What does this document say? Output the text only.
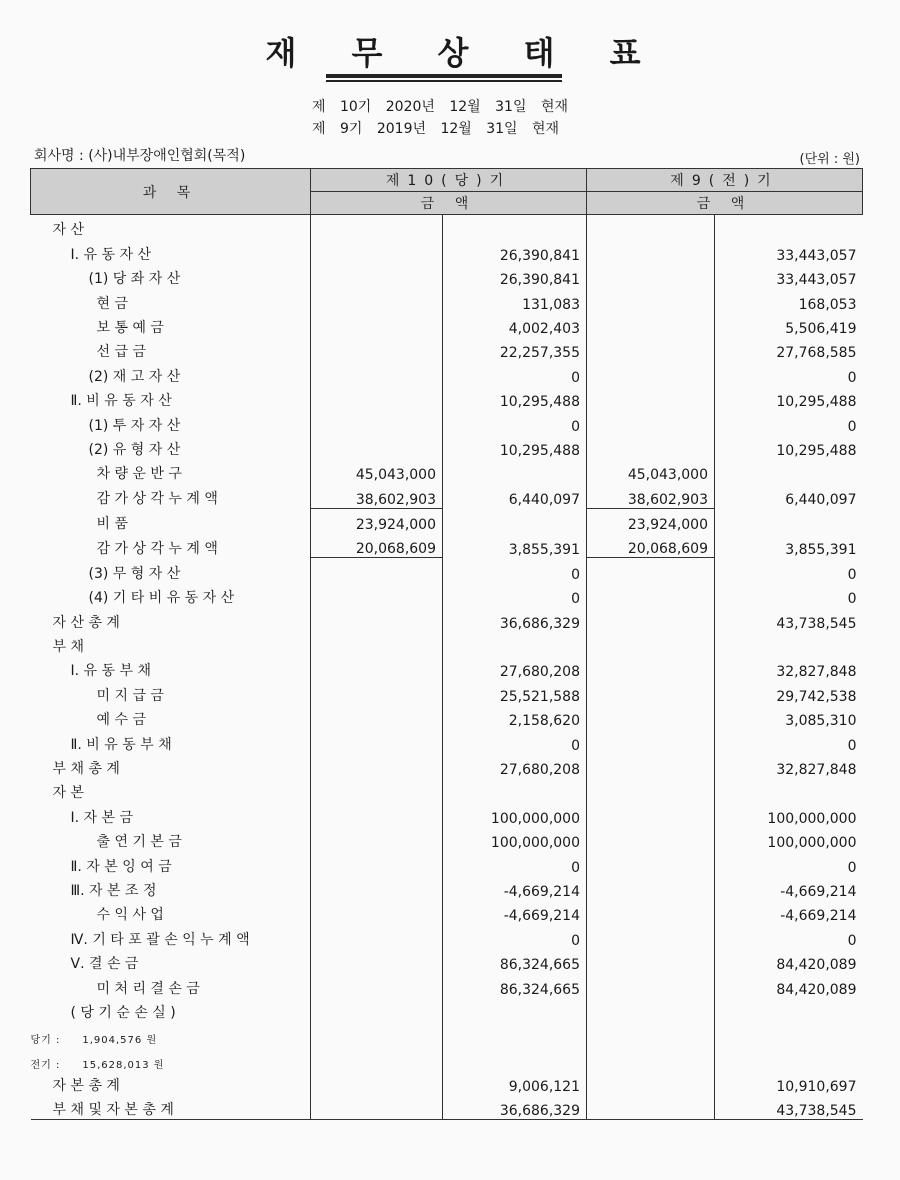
재 무 상 태 표
제 10기 2020년 12월 31일 현재
제 9기 2019년 12월 31일 현재
회사명 : (사)내부장애인협회(목적)	(단위 : 원)
과 목	제10(당)기		제9(전)기	
	금 액		금 액	

자 산				

Ⅰ. 유 동 자 산		26,390,841		33,443,057

(1) 당 좌 자 산		26,390,841		33,443,057

현 금		131,083		168,053

보 통 예 금		4,002,403		5,506,419

선 급 금		22,257,355		27,768,585

(2) 재 고 자 산		0		0

Ⅱ. 비 유 동 자 산		10,295,488		10,295,488

(1) 투 자 자 산		0		0

(2) 유 형 자 산		10,295,488		10,295,488

차 량 운 반 구	45,043,000		45,043,000	

감 가 상 각 누 계 액	38,602,903	6,440,097	38,602,903	6,440,097

비 품	23,924,000		23,924,000	

감 가 상 각 누 계 액	20,068,609	3,855,391	20,068,609	3,855,391

(3) 무 형 자 산		0		0

(4) 기 타 비 유 동 자 산		0		0

자 산 총 계		36,686,329		43,738,545

부 채				

Ⅰ. 유 동 부 채		27,680,208		32,827,848

미 지 급 금		25,521,588		29,742,538

예 수 금		2,158,620		3,085,310

Ⅱ. 비 유 동 부 채		0		0

부 채 총 계		27,680,208		32,827,848

자 본				

Ⅰ. 자 본 금		100,000,000		100,000,000

출 연 기 본 금		100,000,000		100,000,000

Ⅱ. 자 본 잉 여 금		0		0

Ⅲ. 자 본 조 정		-4,669,214		-4,669,214

수 익 사 업		-4,669,214		-4,669,214

Ⅳ. 기 타 포 괄 손 익 누 계 액		0		0

Ⅴ. 결 손 금		86,324,665		84,420,089

미 처 리 결 손 금		86,324,665		84,420,089

( 당 기 순 손 실 )				

당기 : 1,904,576 원				
전기 : 15,628,013 원				

자 본 총 계		9,006,121		10,910,697

부 채 및 자 본 총 계		36,686,329		43,738,545
